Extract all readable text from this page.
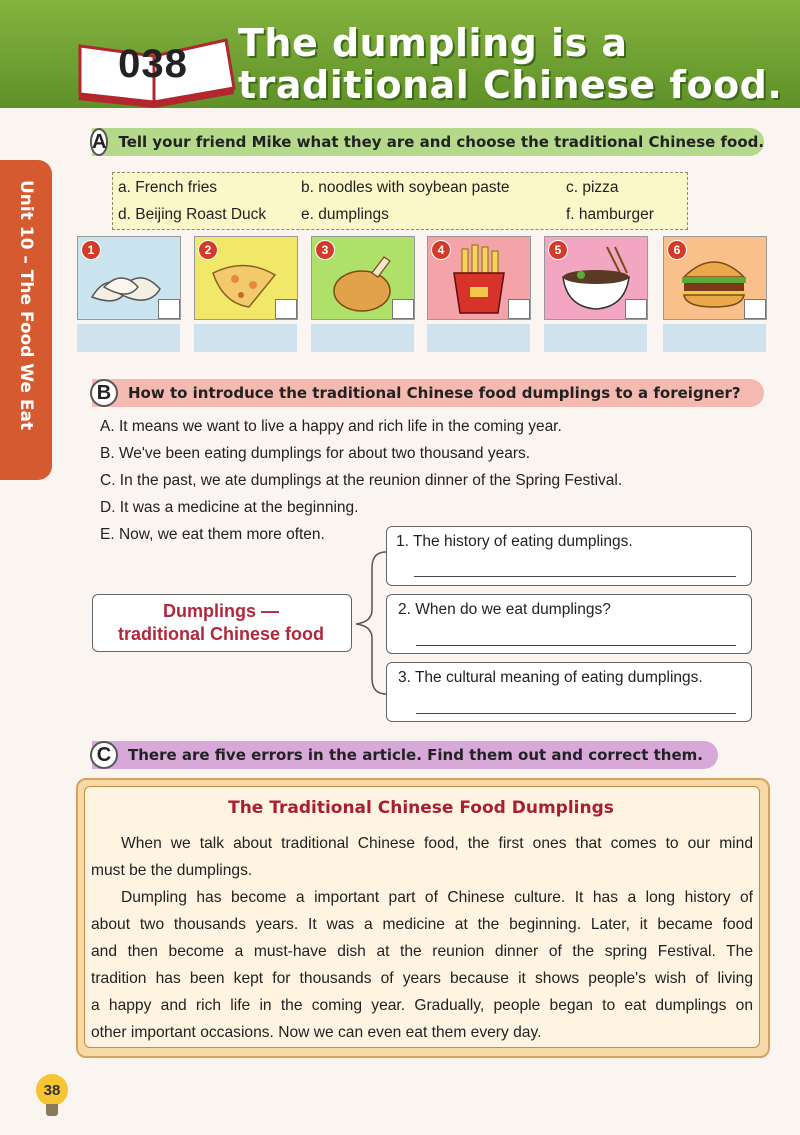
038	The dumpling is a
traditional Chinese food.
Unit 10 – The Food We Eat
A Tell your friend Mike what they are and choose the traditional Chinese food.
a. French fries	b. noodles with soybean paste	c. pizza
d. Beijing Roast Duck e. dumplings	f. hamburger
1	2	3	4	5	6
B	How to introduce the traditional Chinese food dumplings to a foreigner?
A. It means we want to live a happy and rich life in the coming year.
B. We've been eating dumplings for about two thousand years.
C. In the past, we ate dumplings at the reunion dinner of the Spring Festival.
D. It was a medicine at the beginning.
E. Now, we eat them more often.
Dumplings —
traditional Chinese food
1. The history of eating dumplings.
2. When do we eat dumplings?
3. The cultural meaning of eating dumplings.
C	There are five errors in the article. Find them out and correct them.
The Traditional Chinese Food Dumplings
When we talk about traditional Chinese food, the first ones that comes to our mind
must be the dumplings.
Dumpling has become a important part of Chinese culture. It has a long history of
about two thousands years. It was a medicine at the beginning. Later, it became food
and then become a must-have dish at the reunion dinner of the spring Festival. The
tradition has been kept for thousands of years because it shows people's wish of living
a happy and rich life in the coming year. Gradually, people began to eat dumplings on
other important occasions. Now we can even eat them every day.
38
